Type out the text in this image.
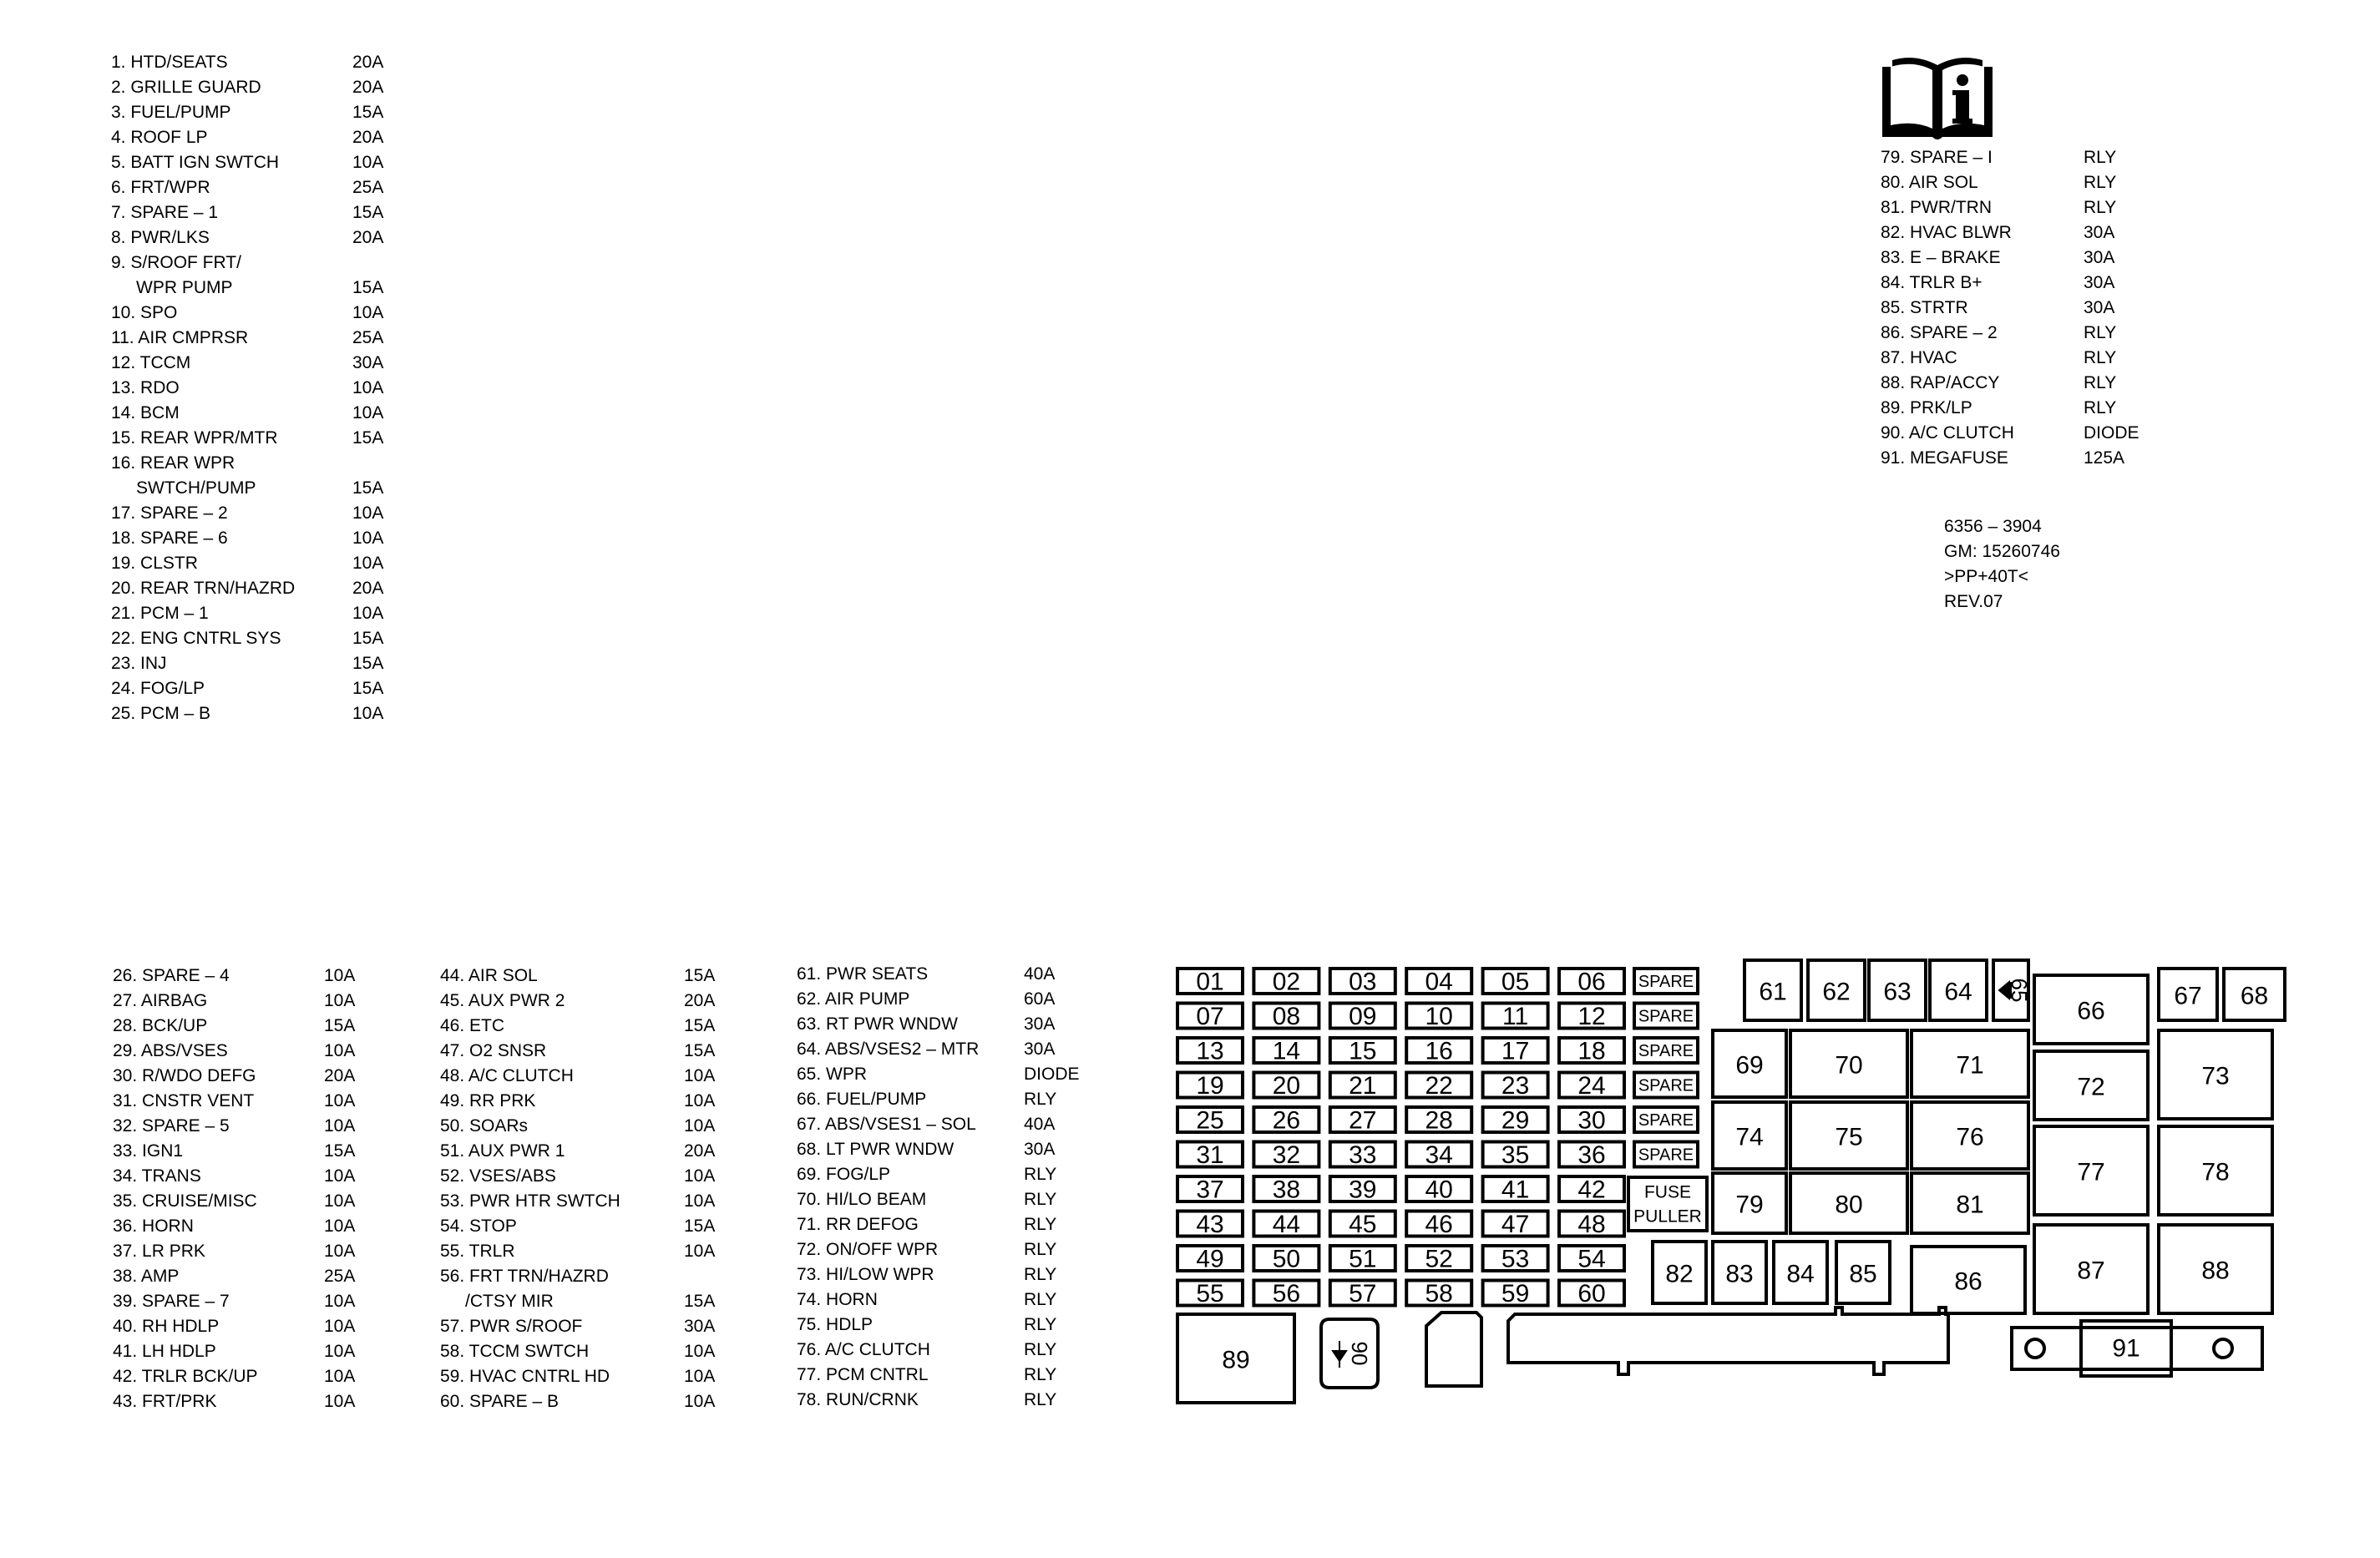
1. HTD/SEATS	20A
2. GRILLE GUARD	20A
3. FUEL/PUMP	15A
4. ROOF LP	20A
5. BATT IGN SWTCH	10A
6. FRT/WPR	25A
7. SPARE – 1	15A
8. PWR/LKS	20A
9. S/ROOF FRT/
WPR PUMP	15A
10. SPO	10A
11. AIR CMPRSR	25A
12. TCCM	30A
13. RDO	10A
14. BCM	10A
15. REAR WPR/MTR	15A
16. REAR WPR
SWTCH/PUMP	15A
17. SPARE – 2	10A
18. SPARE – 6	10A
19. CLSTR	10A
20. REAR TRN/HAZRD	20A
21. PCM – 1	10A
22. ENG CNTRL SYS	15A
23. INJ	15A
24. FOG/LP	15A
25. PCM – B	10A
26. SPARE – 4	10A
27. AIRBAG	10A
28. BCK/UP	15A
29. ABS/VSES	10A
30. R/WDO DEFG	20A
31. CNSTR VENT	10A
32. SPARE – 5	10A
33. IGN1	15A
34. TRANS	10A
35. CRUISE/MISC	10A
36. HORN	10A
37. LR PRK	10A
38. AMP	25A
39. SPARE – 7	10A
40. RH HDLP	10A
41. LH HDLP	10A
42. TRLR BCK/UP	10A
43. FRT/PRK	10A
44. AIR SOL	15A
45. AUX PWR 2	20A
46. ETC	15A
47. O2 SNSR	15A
48. A/C CLUTCH	10A
49. RR PRK	10A
50. SOARs	10A
51. AUX PWR 1	20A
52. VSES/ABS	10A
53. PWR HTR SWTCH	10A
54. STOP	15A
55. TRLR	10A
56. FRT TRN/HAZRD
/CTSY MIR	15A
57. PWR S/ROOF	30A
58. TCCM SWTCH	10A
59. HVAC CNTRL HD	10A
60. SPARE – B	10A
61. PWR SEATS	40A
62. AIR PUMP	60A
63. RT PWR WNDW	30A
64. ABS/VSES2 – MTR	30A
65. WPR	DIODE
66. FUEL/PUMP	RLY
67. ABS/VSES1 – SOL	40A
68. LT PWR WNDW	30A
69. FOG/LP	RLY
70. HI/LO BEAM	RLY
71. RR DEFOG	RLY
72. ON/OFF WPR	RLY
73. HI/LOW WPR	RLY
74. HORN	RLY
75. HDLP	RLY
76. A/C CLUTCH	RLY
77. PCM CNTRL	RLY
78. RUN/CRNK	RLY
79. SPARE – I	RLY
80. AIR SOL	RLY
81. PWR/TRN	RLY
82. HVAC BLWR	30A
83. E – BRAKE	30A
84. TRLR B+	30A
85. STRTR	30A
86. SPARE – 2	RLY
87. HVAC	RLY
88. RAP/ACCY	RLY
89. PRK/LP	RLY
90. A/C CLUTCH	DIODE
91. MEGAFUSE	125A
6356 – 3904
GM: 15260746
>PP+40T<
REV.07
01 02 03 04 05 06
07 08 09 10 11 12
13 14 15 16 17 18
19 20 21 22 23 24
25 26 27 28 29 30
31 32 33 34 35 36
37 38 39 40 41 42
43 44 45 46 47 48
49 50 51 52 53 54
55 56 57 58 59 60
SPARE
SPARE
SPARE
SPARE
SPARE
SPARE
FUSE
PULLER
61 62 63 64
66
67 68
69	70	71
72	73
74	75	76
77	78
79	80	81
82 83 84 85	86	87	88
89
65
90	91
